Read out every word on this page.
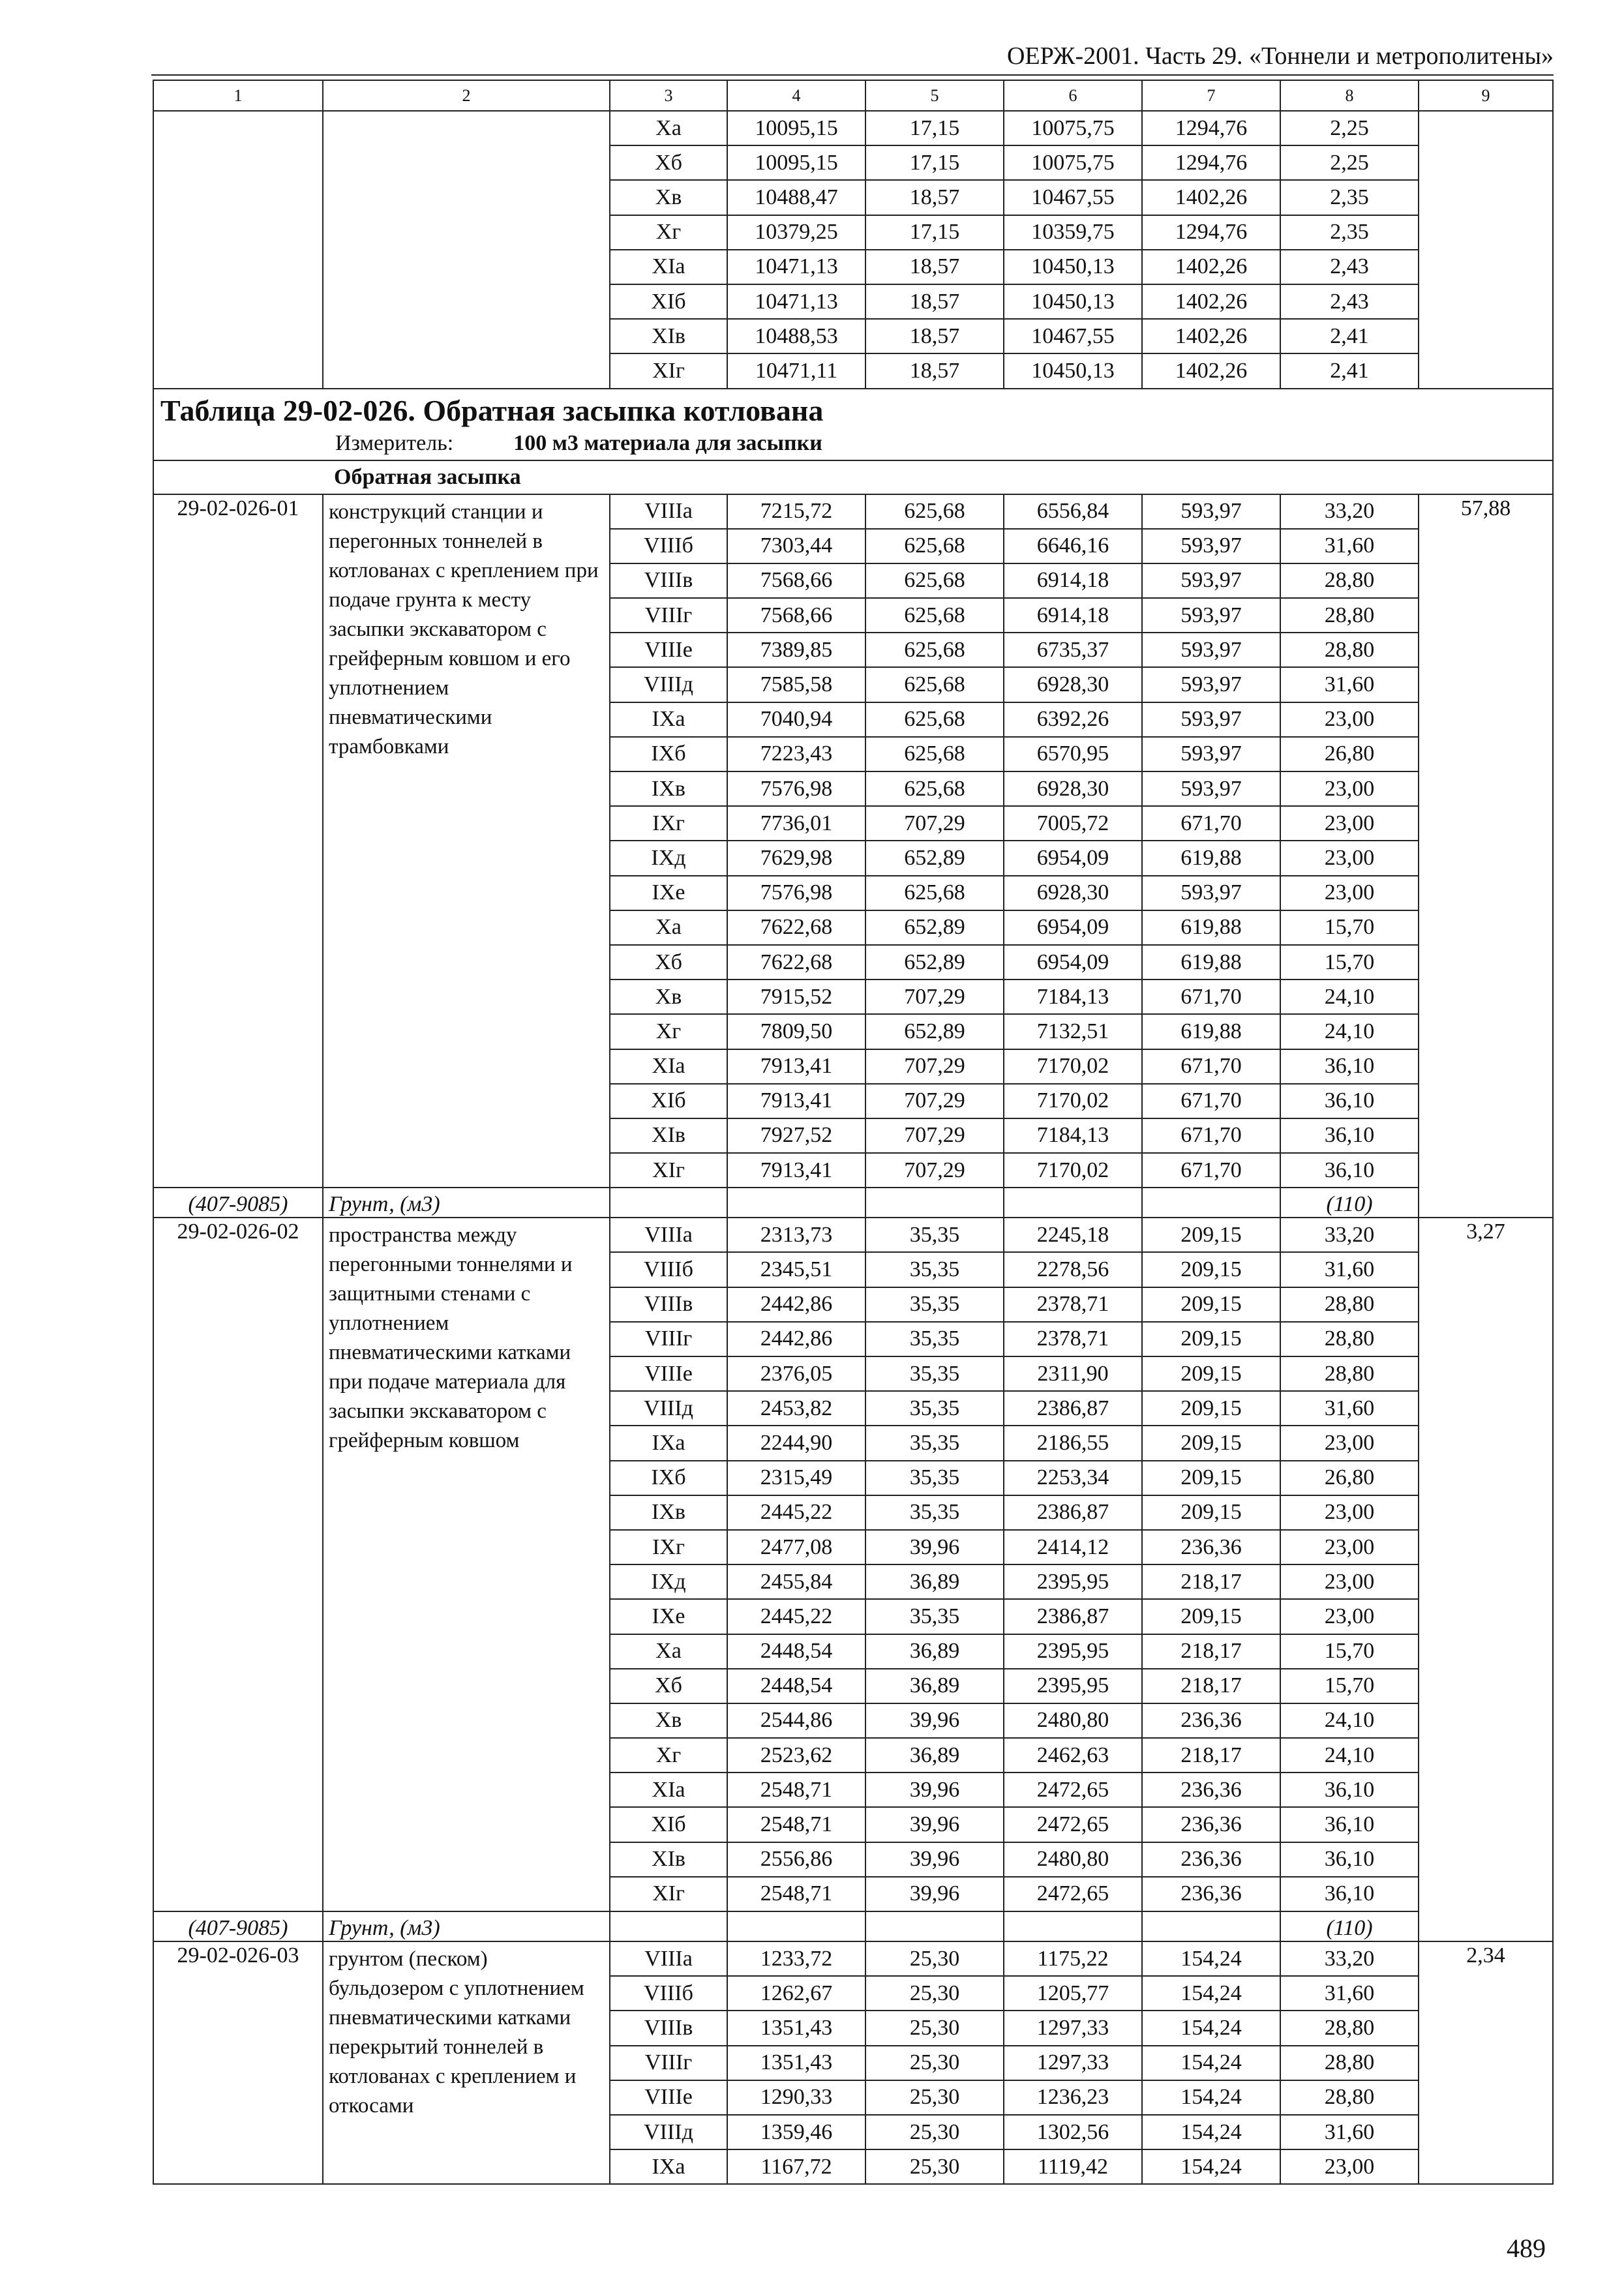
ОЕРЖ-2001. Часть 29. «Тоннели и метрополитены»
1	2	3	4	5	6	7	8	9
		Xа	10095,15	17,15	10075,75	1294,76	2,25	
		Xб	10095,15	17,15	10075,75	1294,76	2,25	
		Xв	10488,47	18,57	10467,55	1402,26	2,35	
		Xг	10379,25	17,15	10359,75	1294,76	2,35	
		XIа	10471,13	18,57	10450,13	1402,26	2,43	
		XIб	10471,13	18,57	10450,13	1402,26	2,43	
		XIв	10488,53	18,57	10467,55	1402,26	2,41	
		XIг	10471,11	18,57	10450,13	1402,26	2,41	

Таблица 29-02-026. Обратная засыпка котлована
Измеритель: 100 м3 материала для засыпки								

Обратная засыпка								
29-02-026-01	конструкций станции и перегонных тоннелей в котлованах с креплением при подаче грунта к месту засыпки экскаватором с грейферным ковшом и его уплотнением пневматическими трамбовками	VIIIа	7215,72	625,68	6556,84	593,97	33,20	57,88
		VIIIб	7303,44	625,68	6646,16	593,97	31,60	
		VIIIв	7568,66	625,68	6914,18	593,97	28,80	
		VIIIг	7568,66	625,68	6914,18	593,97	28,80	
		VIIIе	7389,85	625,68	6735,37	593,97	28,80	
		VIIIд	7585,58	625,68	6928,30	593,97	31,60	
		IXа	7040,94	625,68	6392,26	593,97	23,00	
		IXб	7223,43	625,68	6570,95	593,97	26,80	
		IXв	7576,98	625,68	6928,30	593,97	23,00	
		IXг	7736,01	707,29	7005,72	671,70	23,00	
		IXд	7629,98	652,89	6954,09	619,88	23,00	
		IXе	7576,98	625,68	6928,30	593,97	23,00	
		Xа	7622,68	652,89	6954,09	619,88	15,70	
		Xб	7622,68	652,89	6954,09	619,88	15,70	
		Xв	7915,52	707,29	7184,13	671,70	24,10	
		Xг	7809,50	652,89	7132,51	619,88	24,10	
		XIа	7913,41	707,29	7170,02	671,70	36,10	
		XIб	7913,41	707,29	7170,02	671,70	36,10	
		XIв	7927,52	707,29	7184,13	671,70	36,10	
		XIг	7913,41	707,29	7170,02	671,70	36,10	
(407-9085)	Грунт, (м3)						(110)	
29-02-026-02	пространства между перегонными тоннелями и защитными стенами с уплотнением пневматическими катками при подаче материала для засыпки экскаватором с грейферным ковшом	VIIIа	2313,73	35,35	2245,18	209,15	33,20	3,27
		VIIIб	2345,51	35,35	2278,56	209,15	31,60	
		VIIIв	2442,86	35,35	2378,71	209,15	28,80	
		VIIIг	2442,86	35,35	2378,71	209,15	28,80	
		VIIIе	2376,05	35,35	2311,90	209,15	28,80	
		VIIIд	2453,82	35,35	2386,87	209,15	31,60	
		IXа	2244,90	35,35	2186,55	209,15	23,00	
		IXб	2315,49	35,35	2253,34	209,15	26,80	
		IXв	2445,22	35,35	2386,87	209,15	23,00	
		IXг	2477,08	39,96	2414,12	236,36	23,00	
		IXд	2455,84	36,89	2395,95	218,17	23,00	
		IXе	2445,22	35,35	2386,87	209,15	23,00	
		Xа	2448,54	36,89	2395,95	218,17	15,70	
		Xб	2448,54	36,89	2395,95	218,17	15,70	
		Xв	2544,86	39,96	2480,80	236,36	24,10	
		Xг	2523,62	36,89	2462,63	218,17	24,10	
		XIа	2548,71	39,96	2472,65	236,36	36,10	
		XIб	2548,71	39,96	2472,65	236,36	36,10	
		XIв	2556,86	39,96	2480,80	236,36	36,10	
		XIг	2548,71	39,96	2472,65	236,36	36,10	
(407-9085)	Грунт, (м3)						(110)	
29-02-026-03	грунтом (песком) бульдозером с уплотнением пневматическими катками перекрытий тоннелей в котлованах с креплением и откосами	VIIIа	1233,72	25,30	1175,22	154,24	33,20	2,34
		VIIIб	1262,67	25,30	1205,77	154,24	31,60	
		VIIIв	1351,43	25,30	1297,33	154,24	28,80	
		VIIIг	1351,43	25,30	1297,33	154,24	28,80	
		VIIIе	1290,33	25,30	1236,23	154,24	28,80	
		VIIIд	1359,46	25,30	1302,56	154,24	31,60	
		IXа	1167,72	25,30	1119,42	154,24	23,00	
489
